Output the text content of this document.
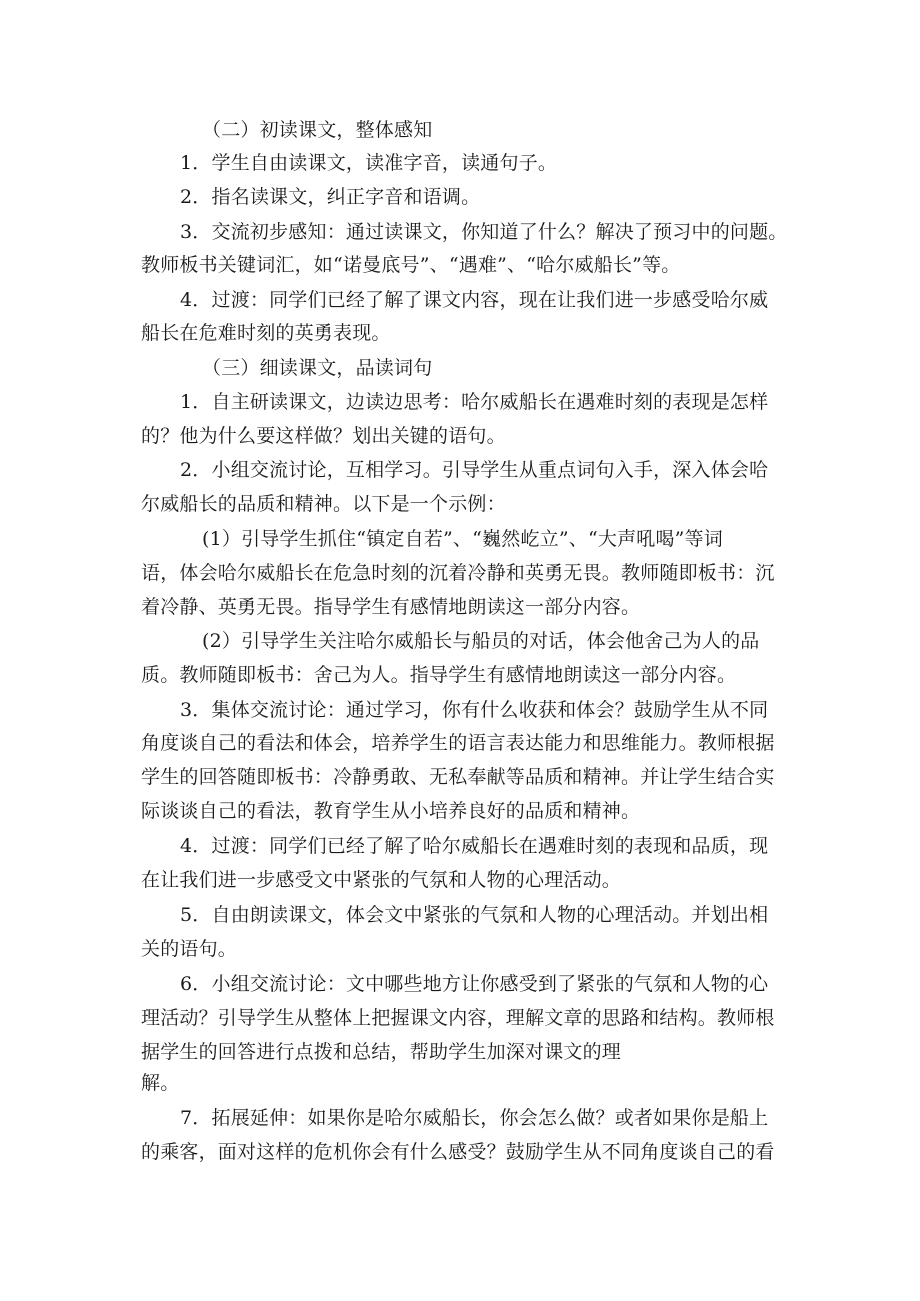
（二）初读课文，整体感知
1．学生自由读课文，读准字音，读通句子。
2．指名读课文，纠正字音和语调。
3．交流初步感知：通过读课文，你知道了什么？解决了预习中的问题。
教师板书关键词汇，如“诺曼底号”、“遇难”、“哈尔威船长”等。
4．过渡：同学们已经了解了课文内容，现在让我们进一步感受哈尔威
船长在危难时刻的英勇表现。
（三）细读课文，品读词句
1．自主研读课文，边读边思考：哈尔威船长在遇难时刻的表现是怎样
的？他为什么要这样做？划出关键的语句。
2．小组交流讨论，互相学习。引导学生从重点词句入手，深入体会哈
尔威船长的品质和精神。以下是一个示例：
(1）引导学生抓住“镇定自若”、“巍然屹立”、“大声吼喝”等词
语，体会哈尔威船长在危急时刻的沉着冷静和英勇无畏。教师随即板书：沉
着冷静、英勇无畏。指导学生有感情地朗读这一部分内容。
(2）引导学生关注哈尔威船长与船员的对话，体会他舍己为人的品
质。教师随即板书：舍己为人。指导学生有感情地朗读这一部分内容。
3．集体交流讨论：通过学习，你有什么收获和体会？鼓励学生从不同
角度谈自己的看法和体会，培养学生的语言表达能力和思维能力。教师根据
学生的回答随即板书：冷静勇敢、无私奉献等品质和精神。并让学生结合实
际谈谈自己的看法，教育学生从小培养良好的品质和精神。
4．过渡：同学们已经了解了哈尔威船长在遇难时刻的表现和品质，现
在让我们进一步感受文中紧张的气氛和人物的心理活动。
5．自由朗读课文，体会文中紧张的气氛和人物的心理活动。并划出相
关的语句。
6．小组交流讨论：文中哪些地方让你感受到了紧张的气氛和人物的心
理活动？引导学生从整体上把握课文内容，理解文章的思路和结构。教师根
据学生的回答进行点拨和总结，帮助学生加深对课文的理
解。
7．拓展延伸：如果你是哈尔威船长，你会怎么做？或者如果你是船上
的乘客，面对这样的危机你会有什么感受？鼓励学生从不同角度谈自己的看
